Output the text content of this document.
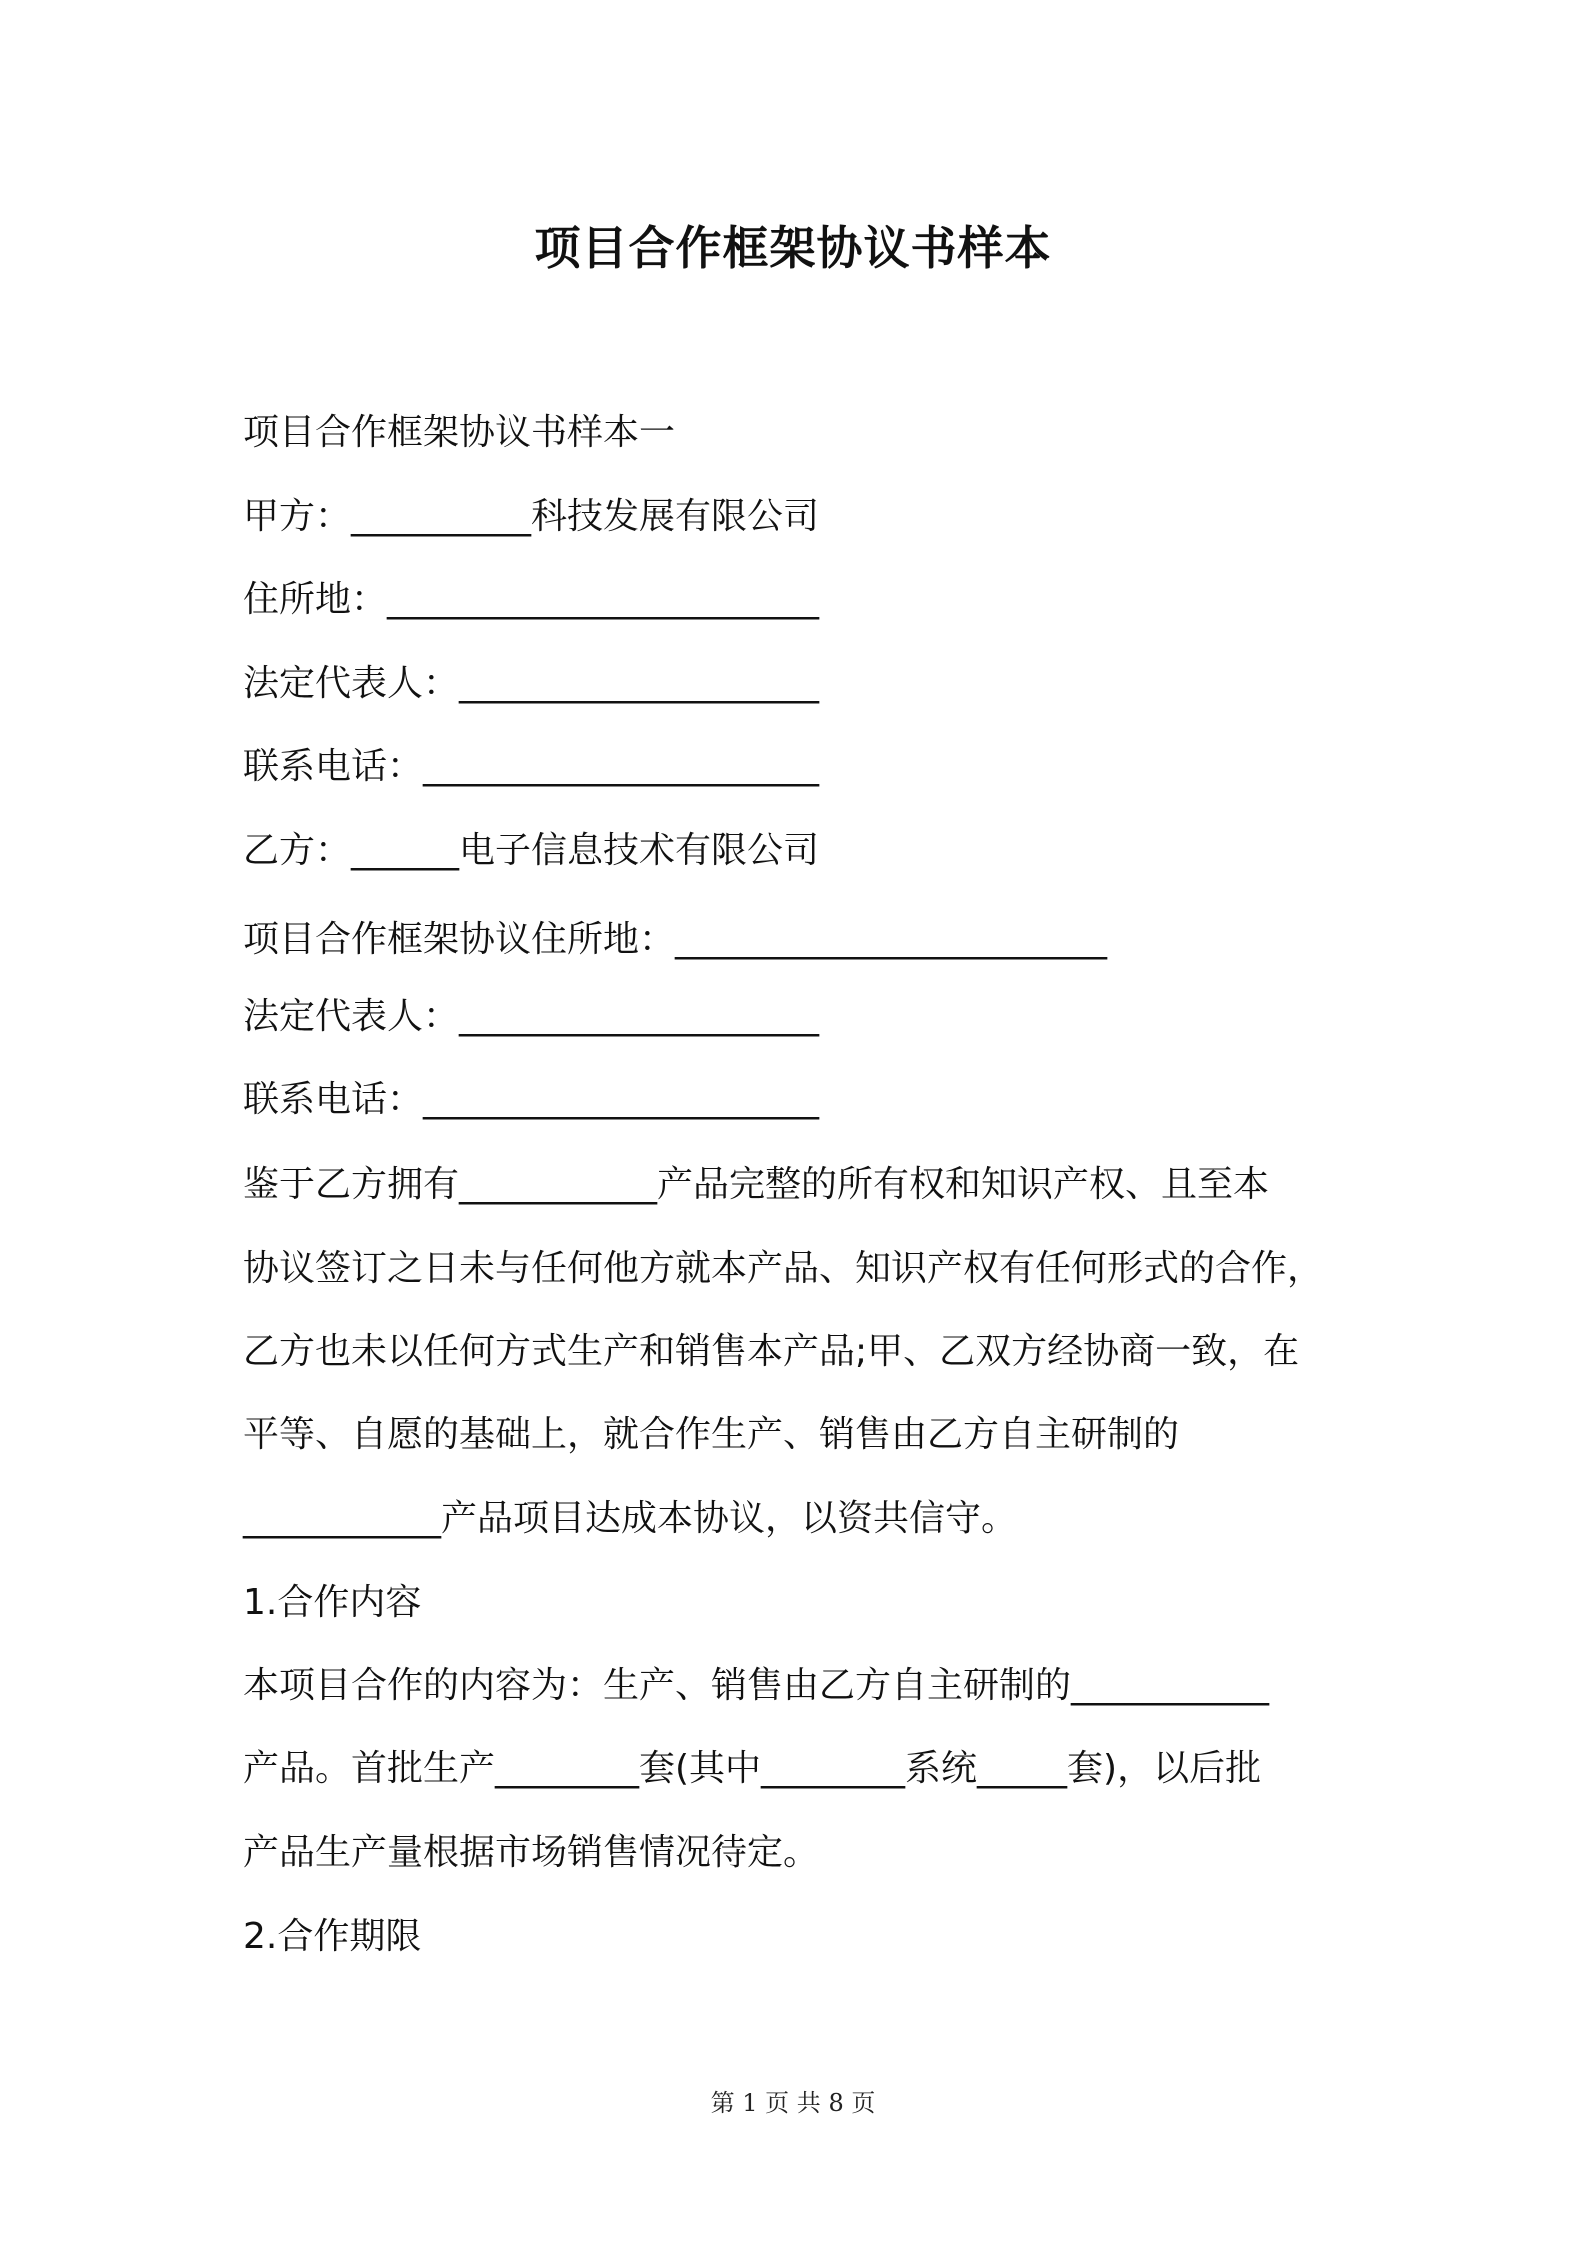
项目合作框架协议书样本
项目合作框架协议书样本一
甲方：__________科技发展有限公司
住所地：________________________
法定代表人：____________________
联系电话：______________________
乙方：______电子信息技术有限公司
项目合作框架协议住所地：________________________
法定代表人：____________________
联系电话：______________________
鉴于乙方拥有___________产品完整的所有权和知识产权、且至本
协议签订之日未与任何他方就本产品、知识产权有任何形式的合作，
乙方也未以任何方式生产和销售本产品;甲、乙双方经协商一致，在
平等、自愿的基础上，就合作生产、销售由乙方自主研制的
___________产品项目达成本协议，以资共信守。
1.合作内容
本项目合作的内容为：生产、销售由乙方自主研制的___________
产品。首批生产________套(其中________系统_____套)，以后批
产品生产量根据市场销售情况待定。
2.合作期限
第 1 页 共 8 页
